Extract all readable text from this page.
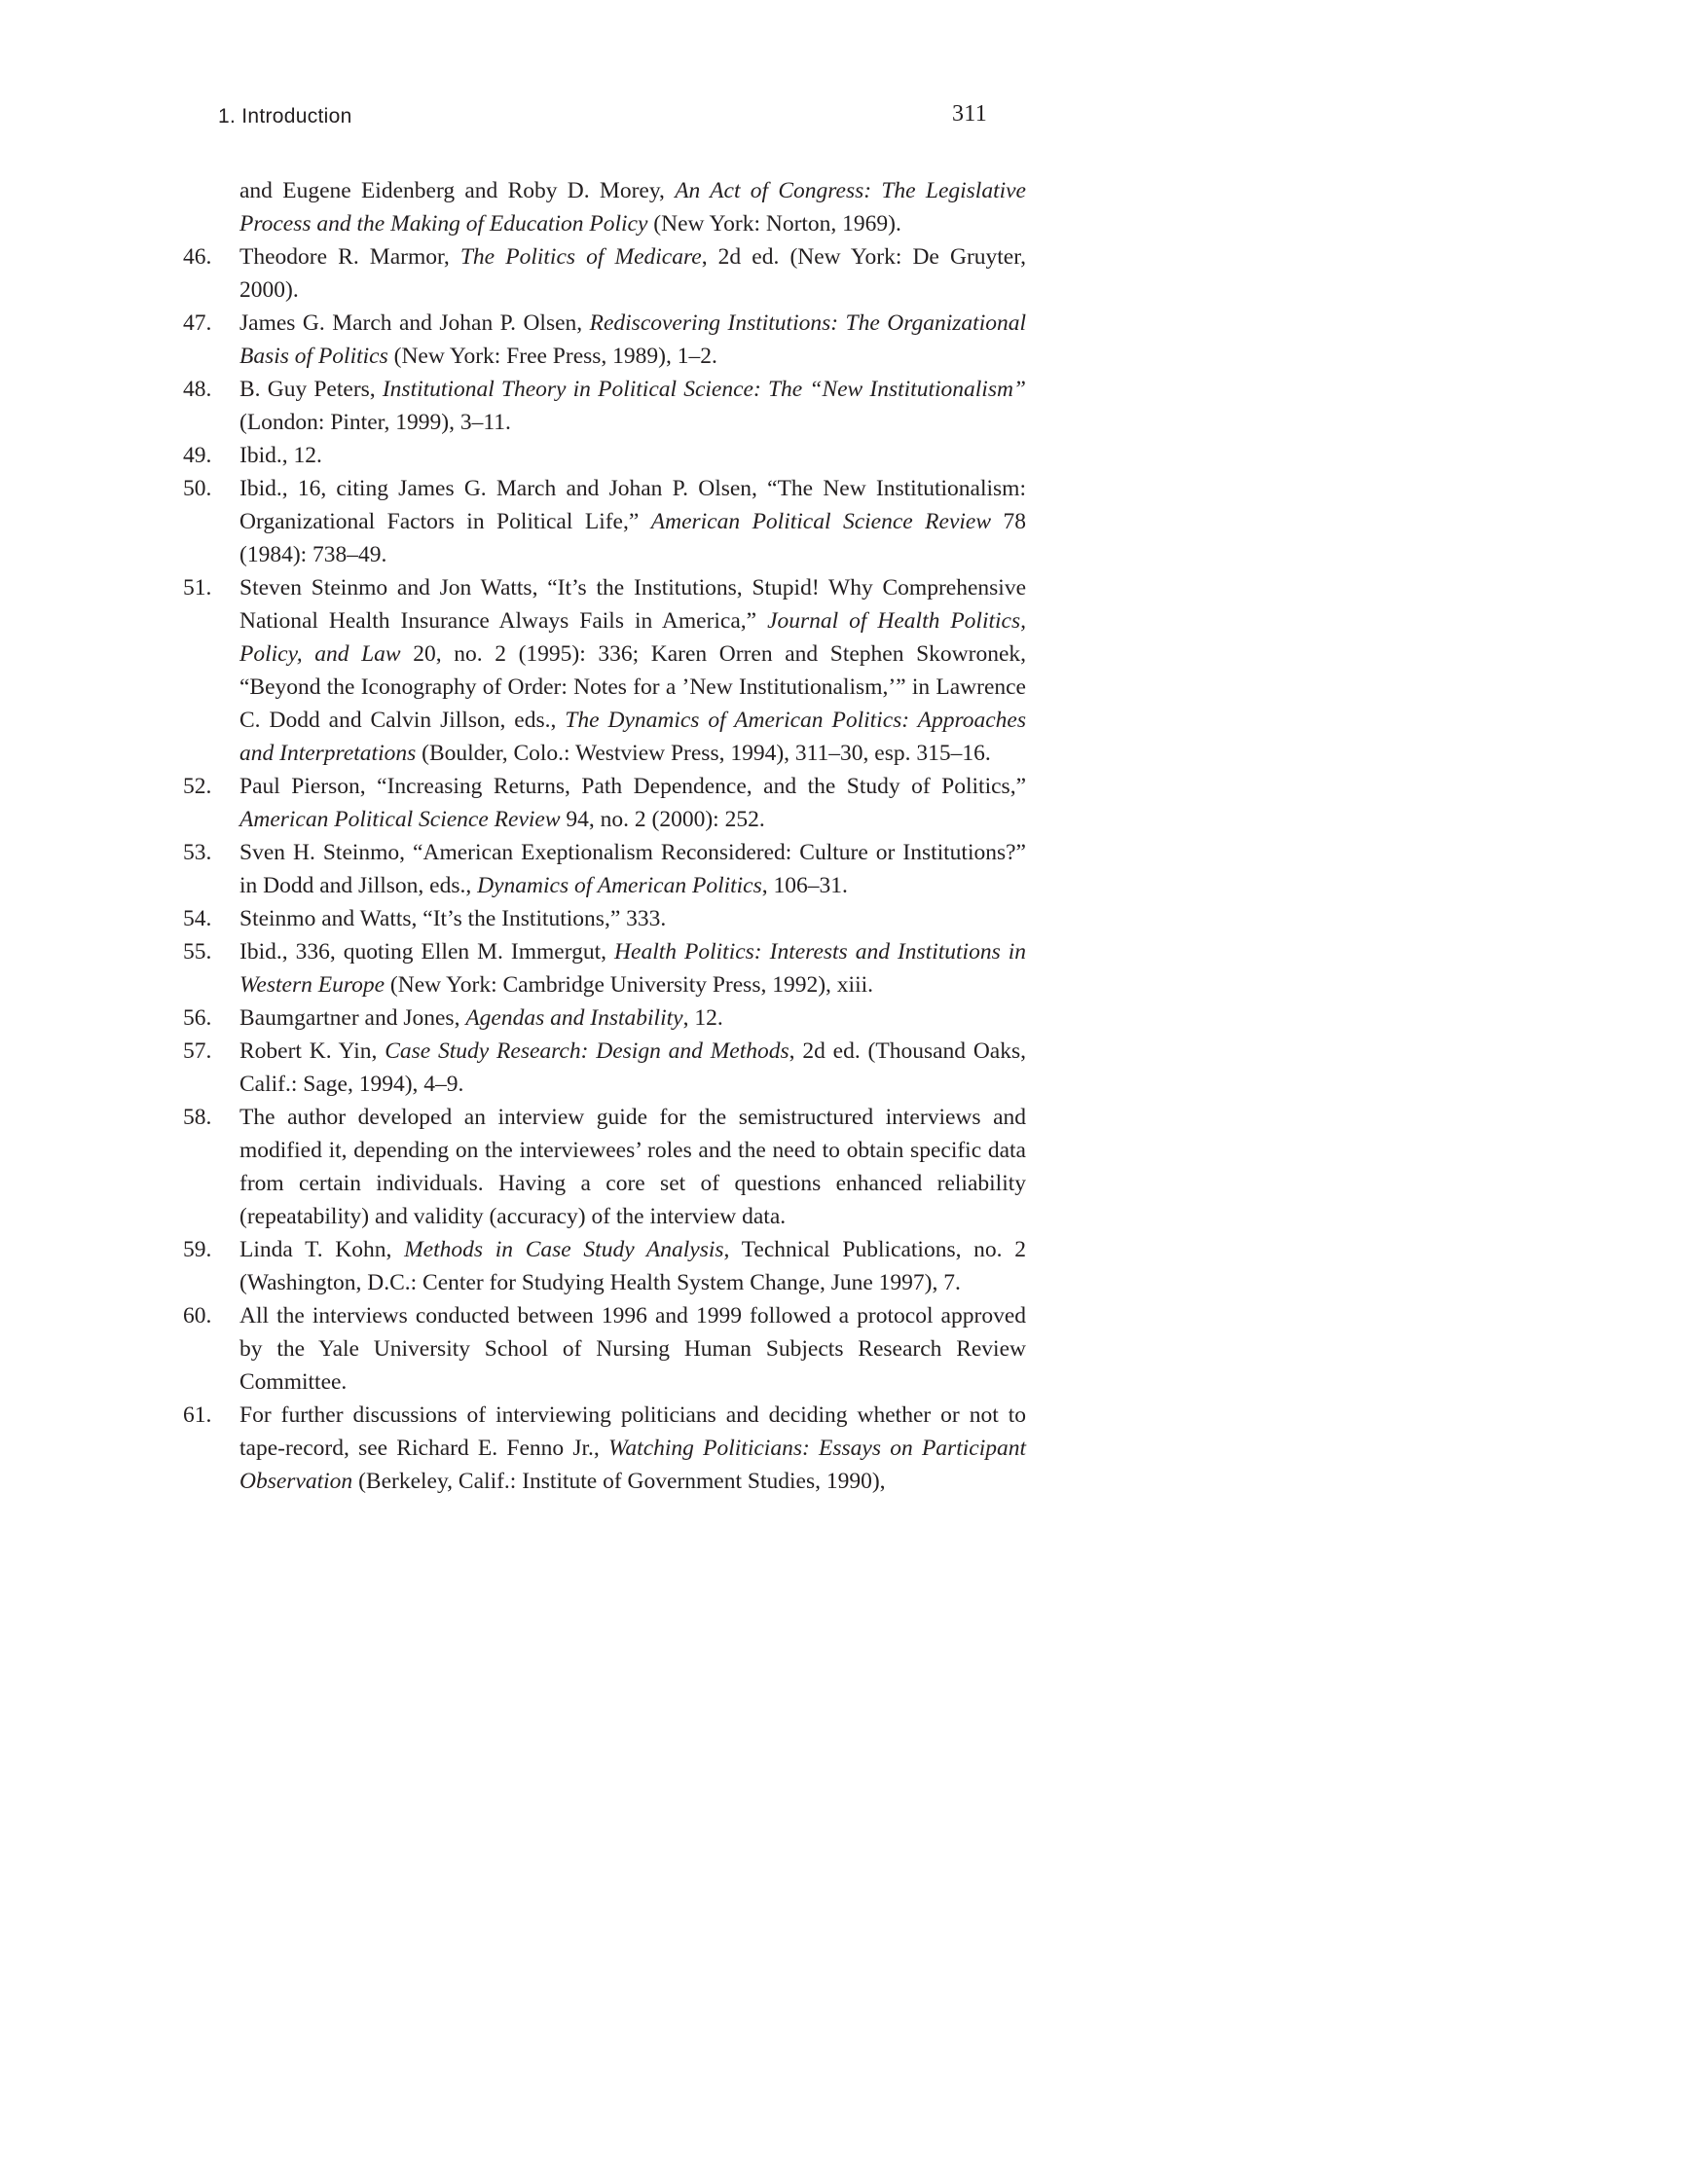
1. Introduction	311
and Eugene Eidenberg and Roby D. Morey, An Act of Congress: The Legislative Process and the Making of Education Policy (New York: Norton, 1969).
46. Theodore R. Marmor, The Politics of Medicare, 2d ed. (New York: De Gruyter, 2000).
47. James G. March and Johan P. Olsen, Rediscovering Institutions: The Organizational Basis of Politics (New York: Free Press, 1989), 1–2.
48. B. Guy Peters, Institutional Theory in Political Science: The “New Institutionalism” (London: Pinter, 1999), 3–11.
49. Ibid., 12.
50. Ibid., 16, citing James G. March and Johan P. Olsen, “The New Institutionalism: Organizational Factors in Political Life,” American Political Science Review 78 (1984): 738–49.
51. Steven Steinmo and Jon Watts, “It’s the Institutions, Stupid! Why Comprehensive National Health Insurance Always Fails in America,” Journal of Health Politics, Policy, and Law 20, no. 2 (1995): 336; Karen Orren and Stephen Skowronek, “Beyond the Iconography of Order: Notes for a ’New Institutionalism,’” in Lawrence C. Dodd and Calvin Jillson, eds., The Dynamics of American Politics: Approaches and Interpretations (Boulder, Colo.: Westview Press, 1994), 311–30, esp. 315–16.
52. Paul Pierson, “Increasing Returns, Path Dependence, and the Study of Politics,” American Political Science Review 94, no. 2 (2000): 252.
53. Sven H. Steinmo, “American Exeptionalism Reconsidered: Culture or Institutions?” in Dodd and Jillson, eds., Dynamics of American Politics, 106–31.
54. Steinmo and Watts, “It’s the Institutions,” 333.
55. Ibid., 336, quoting Ellen M. Immergut, Health Politics: Interests and Institutions in Western Europe (New York: Cambridge University Press, 1992), xiii.
56. Baumgartner and Jones, Agendas and Instability, 12.
57. Robert K. Yin, Case Study Research: Design and Methods, 2d ed. (Thousand Oaks, Calif.: Sage, 1994), 4–9.
58. The author developed an interview guide for the semistructured interviews and modified it, depending on the interviewees’ roles and the need to obtain specific data from certain individuals. Having a core set of questions enhanced reliability (repeatability) and validity (accuracy) of the interview data.
59. Linda T. Kohn, Methods in Case Study Analysis, Technical Publications, no. 2 (Washington, D.C.: Center for Studying Health System Change, June 1997), 7.
60. All the interviews conducted between 1996 and 1999 followed a protocol approved by the Yale University School of Nursing Human Subjects Research Review Committee.
61. For further discussions of interviewing politicians and deciding whether or not to tape-record, see Richard E. Fenno Jr., Watching Politicians: Essays on Participant Observation (Berkeley, Calif.: Institute of Government Studies, 1990),
